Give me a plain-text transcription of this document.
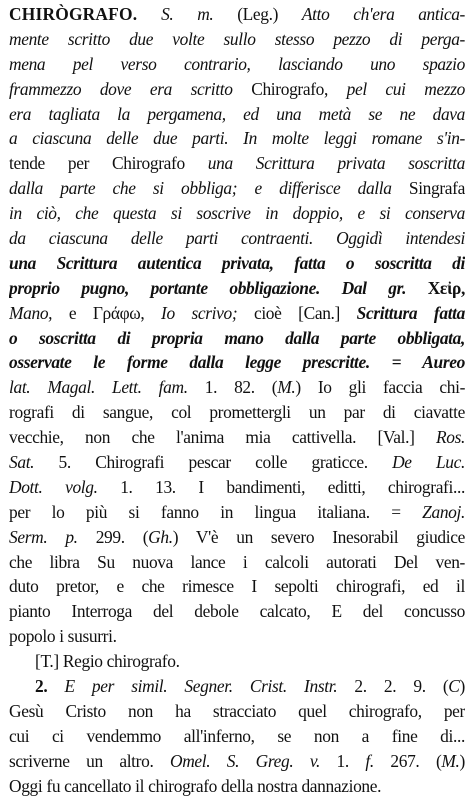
CHIRÒGRAFO. S. m. (Leg.) Atto ch'era antica-
mente scritto due volte sullo stesso pezzo di perga-
mena pel verso contrario, lasciando uno spazio
frammezzo dove era scritto Chirografo, pel cui mezzo
era tagliata la pergamena, ed una metà se ne dava
a ciascuna delle due parti. In molte leggi romane s'in-
tende per Chirografo una Scrittura privata soscritta
dalla parte che si obbliga; e differisce dalla Singrafa
in ciò, che questa si soscrive in doppio, e si conserva
da ciascuna delle parti contraenti. Oggidì intendesi
una Scrittura autentica privata, fatta o soscritta di
proprio pugno, portante obbligazione. Dal gr. Χεἰρ,
Mano, e Γράφω, Io scrivo; cioè [Can.] Scrittura fatta
o soscritta di propria mano dalla parte obbligata,
osservate le forme dalla legge prescritte. = Aureo
lat. Magal. Lett. fam. 1. 82. (M.) Io gli faccia chi-
rografi di sangue, col promettergli un par di ciavatte
vecchie, non che l'anima mia cattivella. [Val.] Ros.
Sat. 5. Chirografi pescar colle graticce. De Luc.
Dott. volg. 1. 13. I bandimenti, editti, chirografi...
per lo più si fanno in lingua italiana. = Zanoj.
Serm. p. 299. (Gh.) V'è un severo Inesorabil giudice
che libra Su nuova lance i calcoli autorati Del ven-
duto pretor, e che rimesce I sepolti chirografi, ed il
pianto Interroga del debole calcato, E del concusso
popolo i susurri.
[T.] Regio chirografo.
2. E per simil. Segner. Crist. Instr. 2. 2. 9. (C)
Gesù Cristo non ha stracciato quel chirografo, per
cui ci vendemmo all'inferno, se non a fine di...
scriverne un altro. Omel. S. Greg. v. 1. f. 267. (M.)
Oggi fu cancellato il chirografo della nostra dannazione.
